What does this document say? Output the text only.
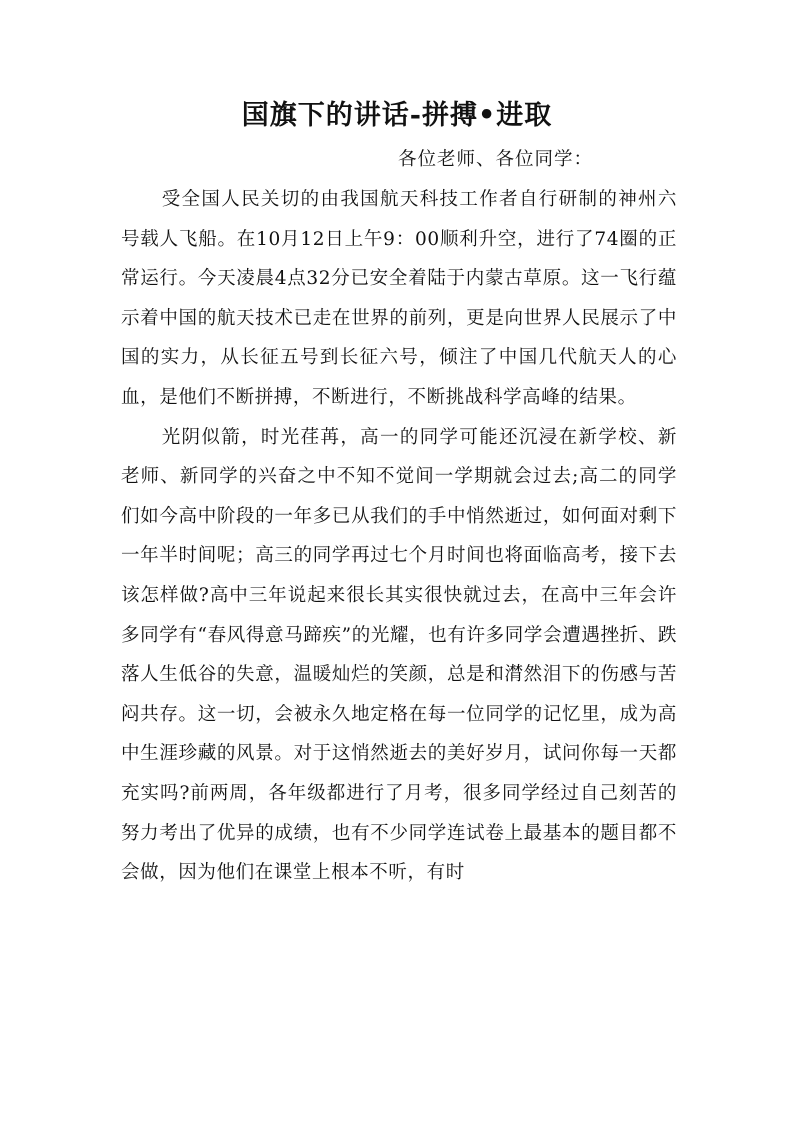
国旗下的讲话-拼搏•进取

各位老师、各位同学：

受全国人民关切的由我国航天科技工作者自行研制的神州六号载人飞船。在10月12日上午9：00顺利升空，进行了74圈的正常运行。今天凌晨4点32分已安全着陆于内蒙古草原。这一飞行蕴示着中国的航天技术已走在世界的前列，更是向世界人民展示了中国的实力，从长征五号到长征六号，倾注了中国几代航天人的心血，是他们不断拼搏，不断进行，不断挑战科学高峰的结果。

光阴似箭，时光荏苒，高一的同学可能还沉浸在新学校、新老师、新同学的兴奋之中不知不觉间一学期就会过去;高二的同学们如今高中阶段的一年多已从我们的手中悄然逝过，如何面对剩下一年半时间呢；高三的同学再过七个月时间也将面临高考，接下去该怎样做?高中三年说起来很长其实很快就过去，在高中三年会许多同学有“春风得意马蹄疾”的光耀，也有许多同学会遭遇挫折、跌落人生低谷的失意，温暖灿烂的笑颜，总是和潸然泪下的伤感与苦闷共存。这一切，会被永久地定格在每一位同学的记忆里，成为高中生涯珍藏的风景。对于这悄然逝去的美好岁月，试问你每一天都充实吗?前两周，各年级都进行了月考，很多同学经过自己刻苦的努力考出了优异的成绩，也有不少同学连试卷上最基本的题目都不会做，因为他们在课堂上根本不听，有时
